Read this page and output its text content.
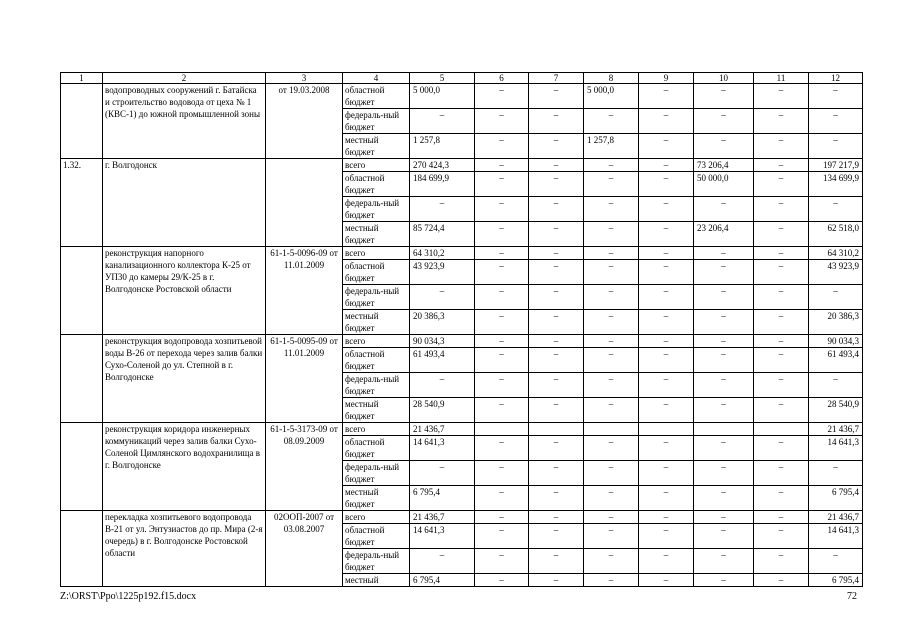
1	2	3	4	5	6	7	8	9	10	11	12
	водопроводных сооружений г. Батайска и строительство водовода от цеха № 1 (КВС-1) до южной промышленной зоны	от 19.03.2008	областной бюджет	5 000,0	–	–	5 000,0	–	–	–	–
			федераль-ный бюджет	–	–	–	–	–	–	–	–
			местный бюджет	1 257,8	–	–	1 257,8	–	–	–	–
1.32.	г. Волгодонск		всего	270 424,3	–	–	–	–	73 206,4	–	197 217,9
			областной бюджет	184 699,9	–	–	–	–	50 000,0	–	134 699,9
			федераль-ный бюджет	–	–	–	–	–	–	–	–
			местный бюджет	85 724,4	–	–	–	–	23 206,4	–	62 518,0
	реконструкция напорного канализационного коллектора К-25 от УП30 до камеры 29/К-25 в г. Волгодонске Ростовской области	61-1-5-0096-09 от 11.01.2009	всего	64 310,2	–	–	–	–	–	–	64 310,2
			областной бюджет	43 923,9	–	–	–	–	–	–	43 923,9
			федераль-ный бюджет	–	–	–	–	–	–	–	–
			местный бюджет	20 386,3	–	–	–	–	–	–	20 386,3
	реконструкция водопровода хозпитьевой воды В-26 от перехода через залив балки Сухо-Соленой до ул. Степной в г. Волгодонске	61-1-5-0095-09 от 11.01.2009	всего	90 034,3	–	–	–	–	–	–	90 034,3
			областной бюджет	61 493,4	–	–	–	–	–	–	61 493,4
			федераль-ный бюджет	–	–	–	–	–	–	–	–
			местный бюджет	28 540,9	–	–	–	–	–	–	28 540,9
	реконструкция коридора инженерных коммуникаций через залив балки Сухо-Соленой Цимлянского водохранилища в г. Волгодонске	61-1-5-3173-09 от 08.09.2009	всего	21 436,7							21 436,7
			областной бюджет	14 641,3	–	–	–	–	–	–	14 641,3
			федераль-ный бюджет	–	–	–	–	–	–	–	–
			местный бюджет	6 795,4	–	–	–	–	–	–	6 795,4
	перекладка хозпитьевого водопровода В-21 от ул. Энтузиастов до пр. Мира (2-я очередь) в г. Волгодонске Ростовской области	02ООП-2007 от 03.08.2007	всего	21 436,7	–	–	–	–	–	–	21 436,7
			областной бюджет	14 641,3	–	–	–	–	–	–	14 641,3
			федераль-ный бюджет	–	–	–	–	–	–	–	–
			местный	6 795,4	–	–	–	–	–	–	6 795,4
Z:\ORST\Ppo\1225p192.f15.docx	72
